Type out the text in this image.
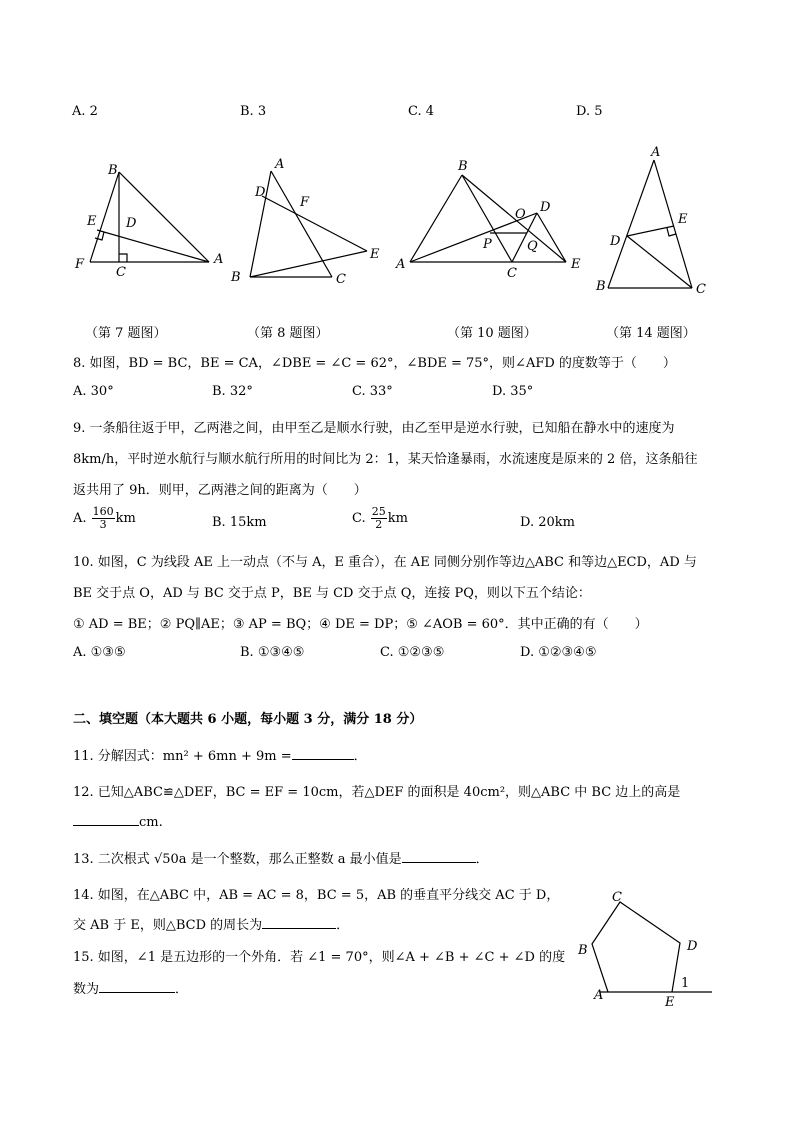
A. 2	B. 3	C. 4	D. 5
B
E D
F
C
A
A
D
F
E
B	C
B
O D
P	Q
A
C
E
A
E
D
B	C
C
B	D
A	E
1
（第 7 题图）	（第 8 题图）	（第 10 题图）	（第 14 题图）
8. 如图，BD = BC，BE = CA，∠DBE = ∠C = 62°，∠BDE = 75°，则∠AFD 的度数等于（　　）
A. 30°	B. 32°	C. 33°	D. 35°
9. 一条船往返于甲，乙两港之间，由甲至乙是顺水行驶，由乙至甲是逆水行驶，已知船在静水中的速度为
8km/h，平时逆水航行与顺水航行所用的时间比为 2：1，某天恰逢暴雨，水流速度是原来的 2 倍，这条船往
返共用了 9h．则甲，乙两港之间的距离为（　　）
A. $\frac{160}{3}$ km	B. 15km	C. $\frac{25}{2}$ km	D. 20km
10. 如图，C 为线段 AE 上一动点（不与 A，E 重合），在 AE 同侧分别作等边△ABC 和等边△ECD，AD 与
BE 交于点 O，AD 与 BC 交于点 P，BE 与 CD 交于点 Q，连接 PQ，则以下五个结论：
① AD = BE；② PQ∥AE；③ AP = BQ；④ DE = DP；⑤ ∠AOB = 60°．其中正确的有（　　）
A. ①③⑤	B. ①③④⑤	C. ①②③⑤	D. ①②③④⑤
二、填空题（本大题共 6 小题，每小题 3 分，满分 18 分）
11. 分解因式：mn² + 6mn + 9m =	．
12. 已知△ABC≌△DEF，BC = EF = 10cm，若△DEF 的面积是 40cm²，则△ABC 中 BC 边上的高是
cm.
13. 二次根式 √50a 是一个整数，那么正整数 a 最小值是	．
14. 如图，在△ABC 中，AB = AC = 8，BC = 5，AB 的垂直平分线交 AC 于 D，
交 AB 于 E，则△BCD 的周长为	．
15. 如图，∠1 是五边形的一个外角．若 ∠1 = 70°，则∠A + ∠B + ∠C + ∠D 的度
数为	．
